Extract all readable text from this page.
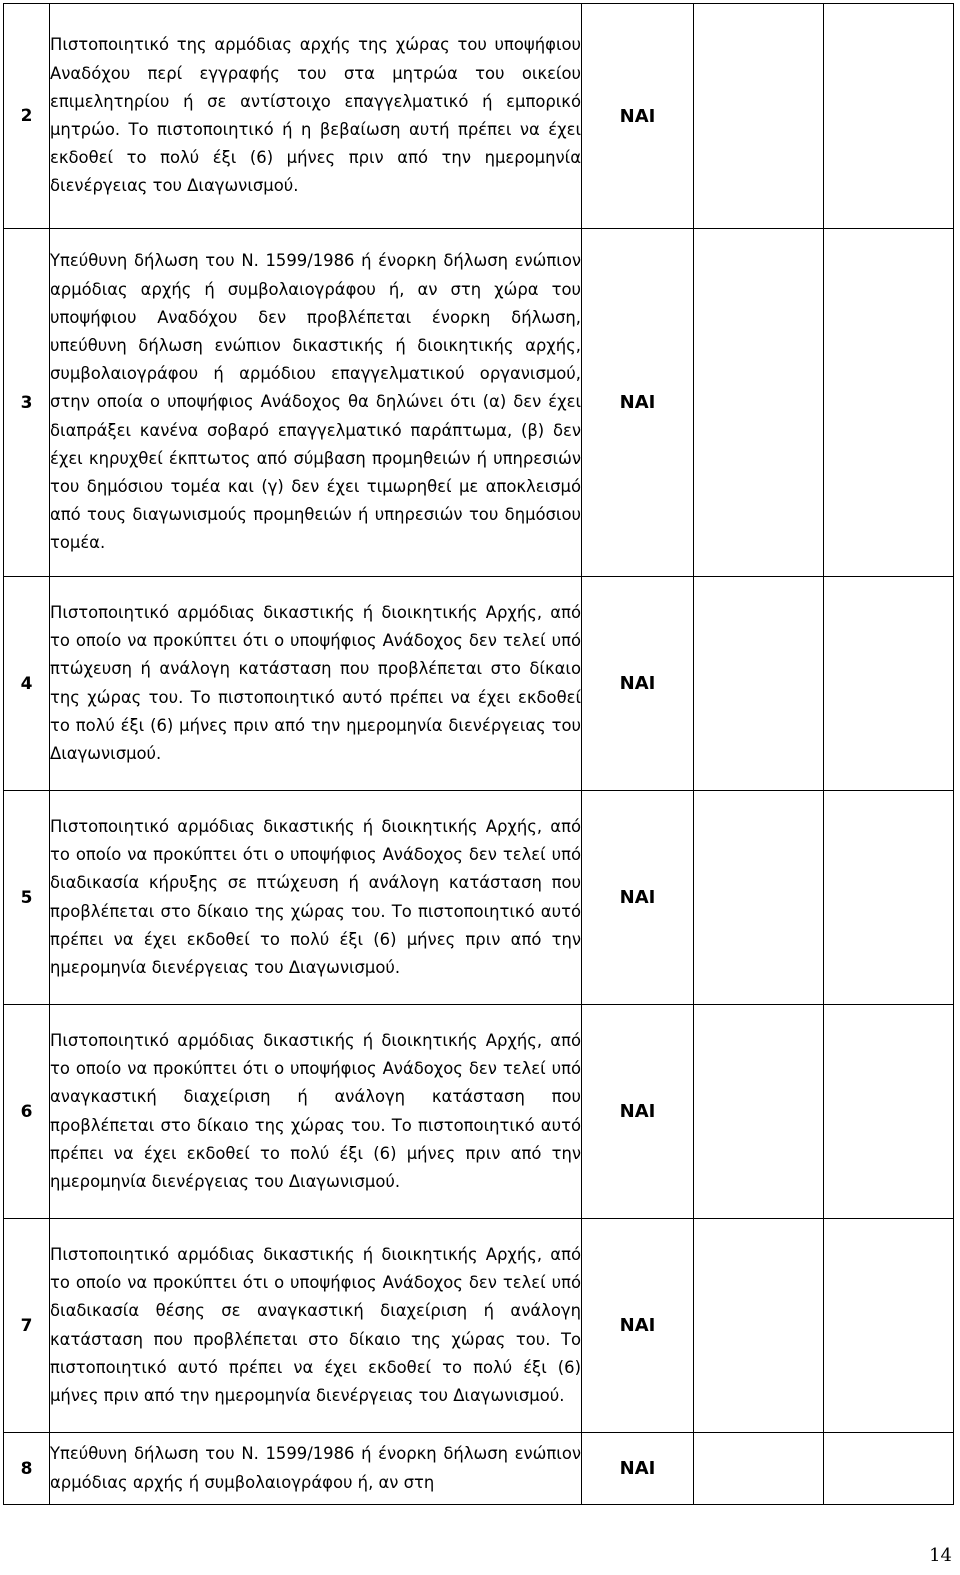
2	Πιστοποιητικό της αρμόδιας αρχής της χώρας του υποψήφιου Αναδόχου περί εγγραφής του στα μητρώα του οικείου επιμελητηρίου ή σε αντίστοιχο επαγγελματικό ή εμπορικό μητρώο. Το πιστοποιητικό ή η βεβαίωση αυτή πρέπει να έχει εκδοθεί το πολύ έξι (6) μήνες πριν από την ημερομηνία διενέργειας του Διαγωνισμού.	ΝΑΙ		
3	Υπεύθυνη δήλωση του Ν. 1599/1986 ή ένορκη δήλωση ενώπιον αρμόδιας αρχής ή συμβολαιογράφου ή, αν στη χώρα του υποψήφιου Αναδόχου δεν προβλέπεται ένορκη δήλωση, υπεύθυνη δήλωση ενώπιον δικαστικής ή διοικητικής αρχής, συμβολαιογράφου ή αρμόδιου επαγγελματικού οργανισμού, στην οποία ο υποψήφιος Ανάδοχος θα δηλώνει ότι (α) δεν έχει διαπράξει κανένα σοβαρό επαγγελματικό παράπτωμα, (β) δεν έχει κηρυχθεί έκπτωτος από σύμβαση προμηθειών ή υπηρεσιών του δημόσιου τομέα και (γ) δεν έχει τιμωρηθεί με αποκλεισμό από τους διαγωνισμούς προμηθειών ή υπηρεσιών του δημόσιου τομέα.	ΝΑΙ		
4	Πιστοποιητικό αρμόδιας δικαστικής ή διοικητικής Αρχής, από το οποίο να προκύπτει ότι ο υποψήφιος Ανάδοχος δεν τελεί υπό πτώχευση ή ανάλογη κατάσταση που προβλέπεται στο δίκαιο της χώρας του. Το πιστοποιητικό αυτό πρέπει να έχει εκδοθεί το πολύ έξι (6) μήνες πριν από την ημερομηνία διενέργειας του Διαγωνισμού.	ΝΑΙ		
5	Πιστοποιητικό αρμόδιας δικαστικής ή διοικητικής Αρχής, από το οποίο να προκύπτει ότι ο υποψήφιος Ανάδοχος δεν τελεί υπό διαδικασία κήρυξης σε πτώχευση ή ανάλογη κατάσταση που προβλέπεται στο δίκαιο της χώρας του. Το πιστοποιητικό αυτό πρέπει να έχει εκδοθεί το πολύ έξι (6) μήνες πριν από την ημερομηνία διενέργειας του Διαγωνισμού.	ΝΑΙ		
6	Πιστοποιητικό αρμόδιας δικαστικής ή διοικητικής Αρχής, από το οποίο να προκύπτει ότι ο υποψήφιος Ανάδοχος δεν τελεί υπό αναγκαστική διαχείριση ή ανάλογη κατάσταση που προβλέπεται στο δίκαιο της χώρας του. Το πιστοποιητικό αυτό πρέπει να έχει εκδοθεί το πολύ έξι (6) μήνες πριν από την ημερομηνία διενέργειας του Διαγωνισμού.	ΝΑΙ		
7	Πιστοποιητικό αρμόδιας δικαστικής ή διοικητικής Αρχής, από το οποίο να προκύπτει ότι ο υποψήφιος Ανάδοχος δεν τελεί υπό διαδικασία θέσης σε αναγκαστική διαχείριση ή ανάλογη κατάσταση που προβλέπεται στο δίκαιο της χώρας του. Το πιστοποιητικό αυτό πρέπει να έχει εκδοθεί το πολύ έξι (6) μήνες πριν από την ημερομηνία διενέργειας του Διαγωνισμού.	ΝΑΙ		
8	Υπεύθυνη δήλωση του Ν. 1599/1986 ή ένορκη δήλωση ενώπιον αρμόδιας αρχής ή συμβολαιογράφου ή, αν στη	ΝΑΙ		
14
